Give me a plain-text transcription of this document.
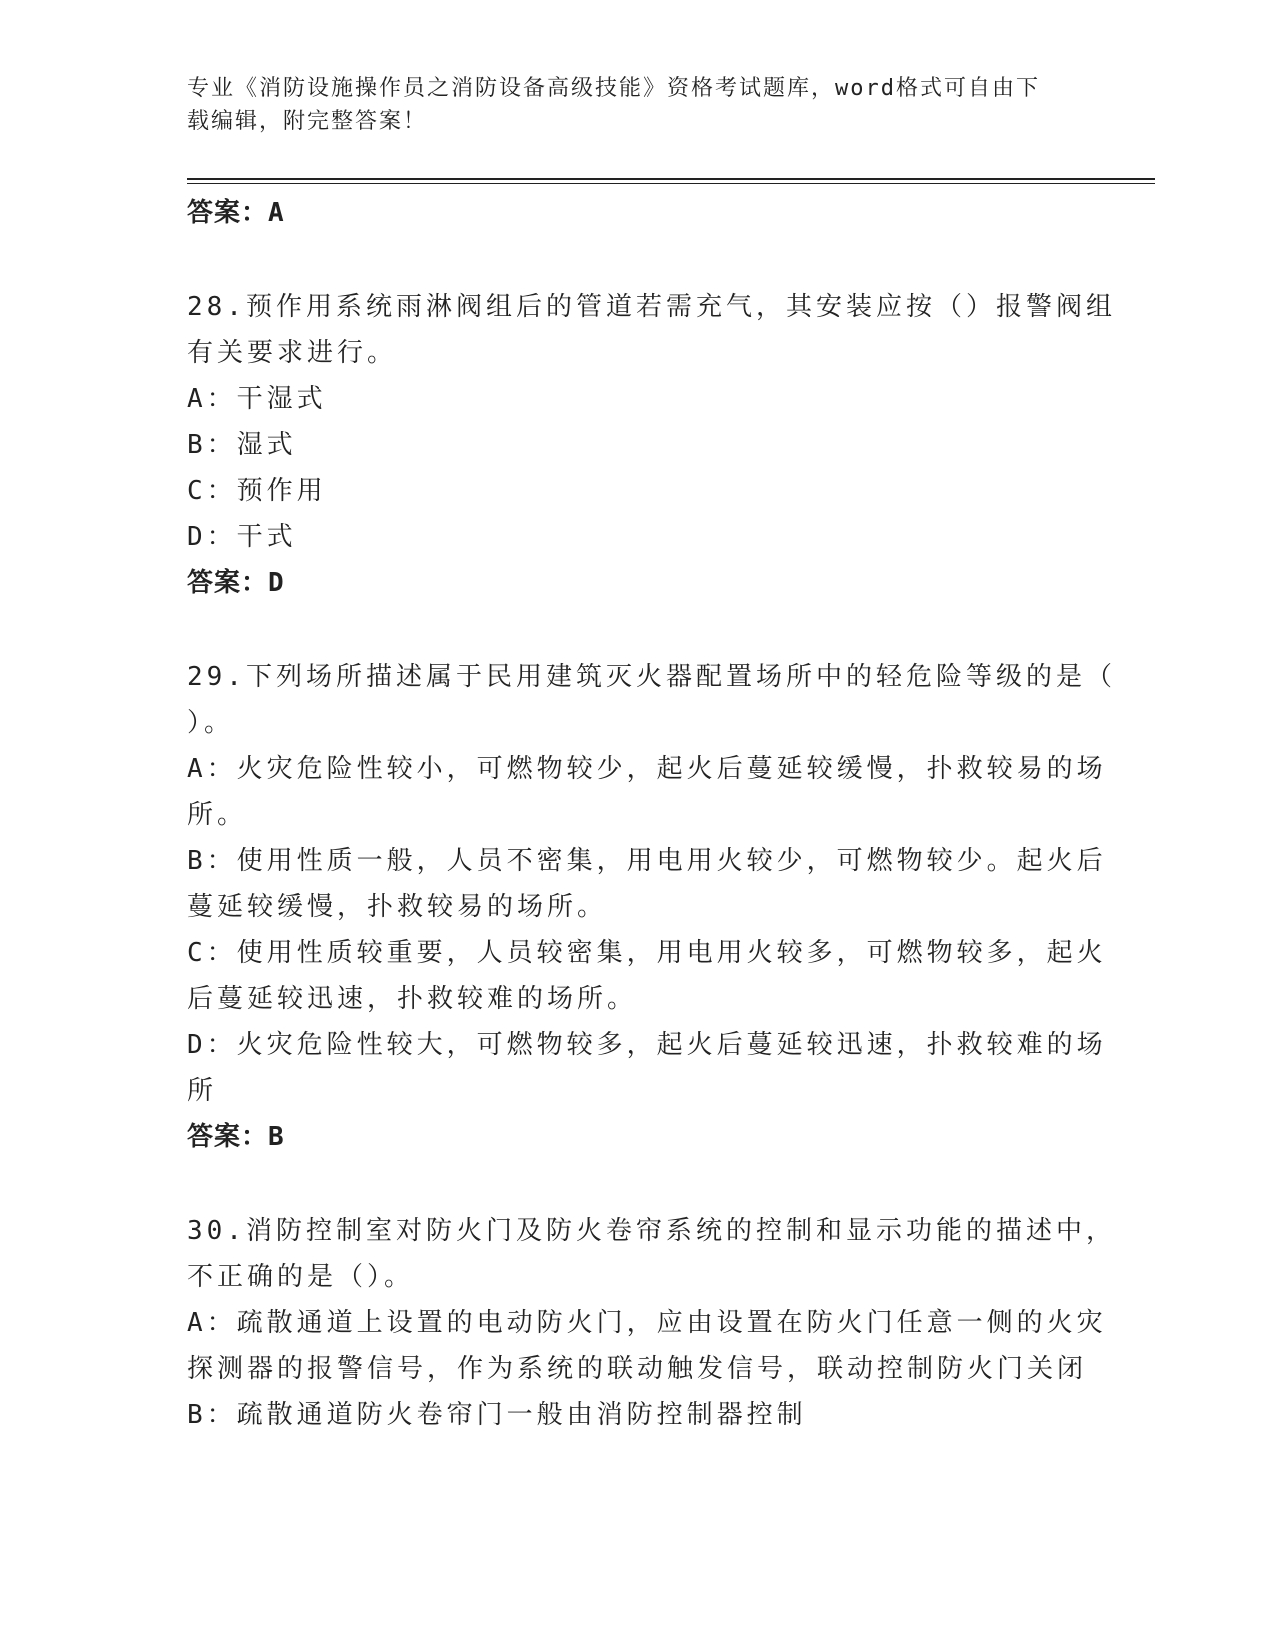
专业《消防设施操作员之消防设备高级技能》资格考试题库，word格式可自由下
载编辑，附完整答案！
答案：A
28.预作用系统雨淋阀组后的管道若需充气，其安装应按（）报警阀组
有关要求进行。
A：干湿式
B：湿式
C：预作用
D：干式
答案：D
29.下列场所描述属于民用建筑灭火器配置场所中的轻危险等级的是（
）。
A：火灾危险性较小，可燃物较少，起火后蔓延较缓慢，扑救较易的场
所。
B：使用性质一般，人员不密集，用电用火较少，可燃物较少。起火后
蔓延较缓慢，扑救较易的场所。
C：使用性质较重要，人员较密集，用电用火较多，可燃物较多，起火
后蔓延较迅速，扑救较难的场所。
D：火灾危险性较大，可燃物较多，起火后蔓延较迅速，扑救较难的场
所
答案：B
30.消防控制室对防火门及防火卷帘系统的控制和显示功能的描述中，
不正确的是（）。
A：疏散通道上设置的电动防火门，应由设置在防火门任意一侧的火灾
探测器的报警信号，作为系统的联动触发信号，联动控制防火门关闭
B：疏散通道防火卷帘门一般由消防控制器控制
